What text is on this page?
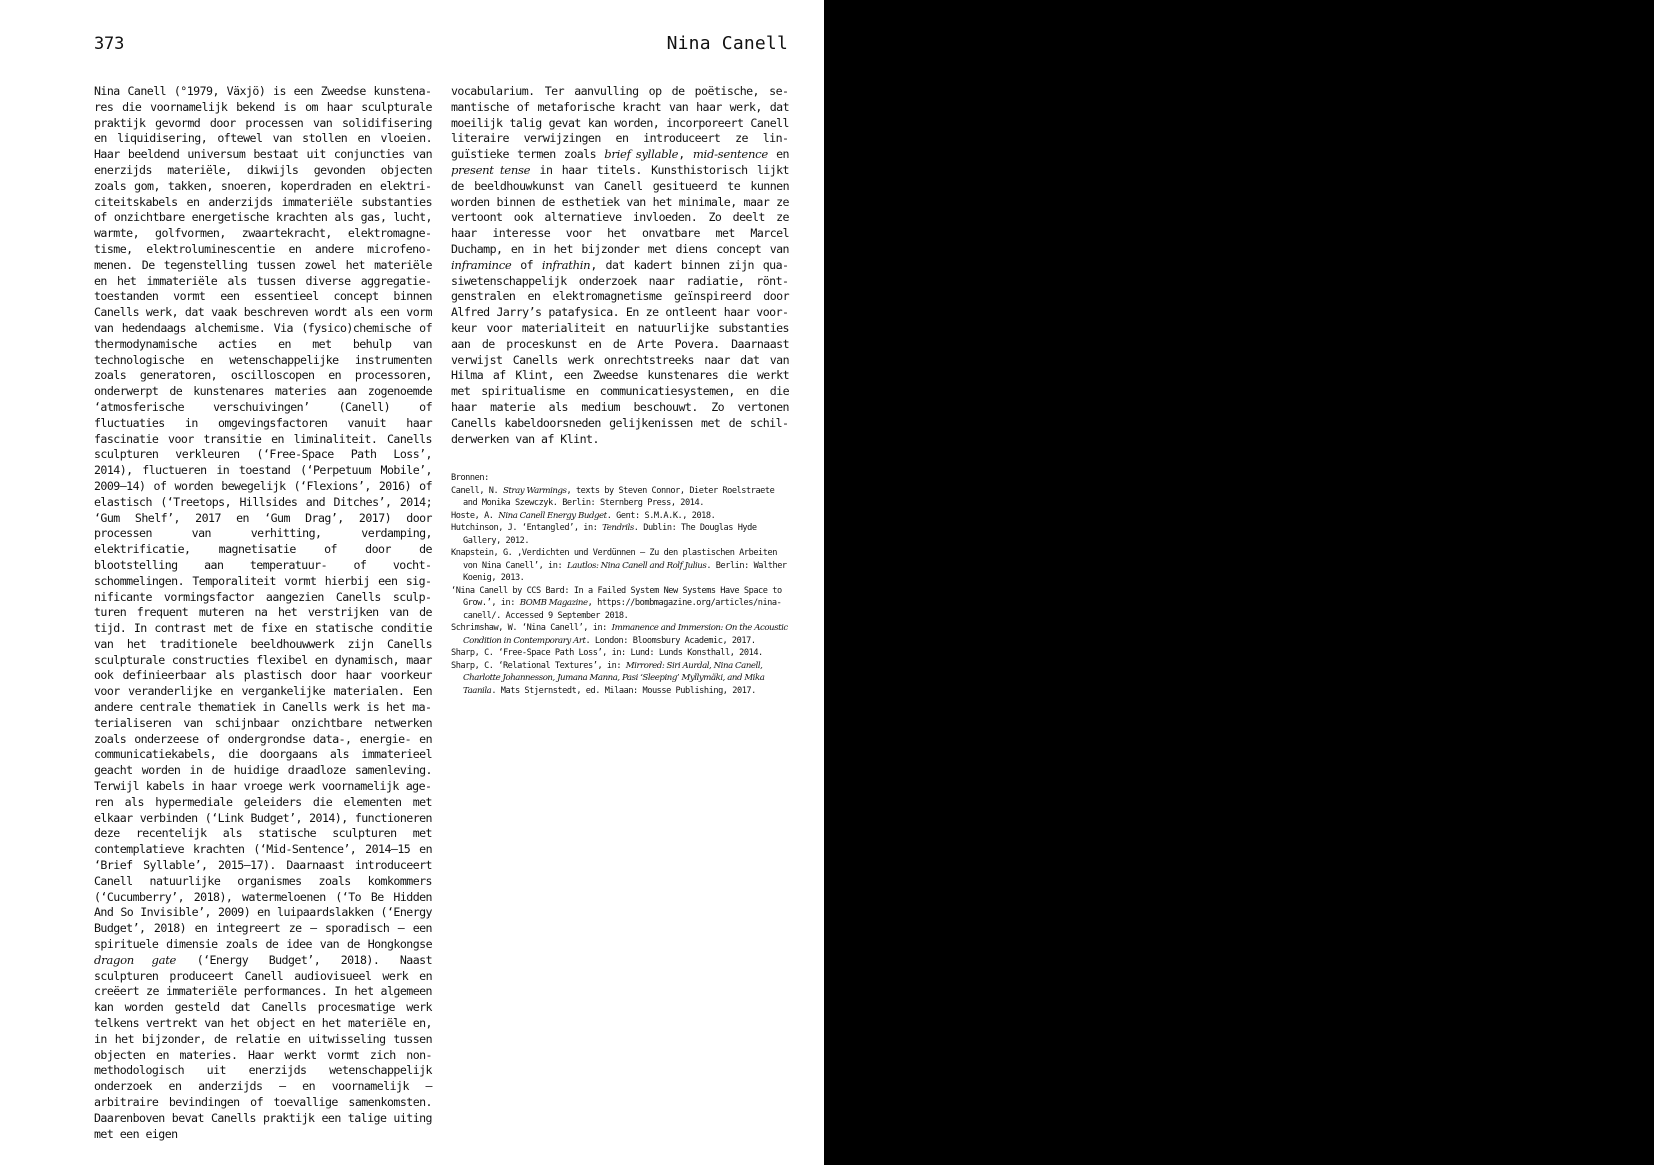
373	Nina Canell

Nina Canell (°1979, Växjö) is een Zweedse kunstenares die voornamelijk bekend is om haar sculpturale praktijk gevormd door processen van solidifisering en liquidisering, oftewel van stollen en vloeien. Haar beeldend universum bestaat uit conjuncties van enerzijds materiële, dikwijls gevonden objecten zoals gom, takken, snoeren, koperdraden en elektriciteitskabels en anderzijds immateriële substanties of onzichtbare energetische krachten als gas, lucht, warmte, golfvormen, zwaartekracht, elektromagnetisme, elektroluminescentie en andere microfenomenen. De tegenstelling tussen zowel het materiële en het immateriële als tussen diverse aggregatietoestanden vormt een essentieel concept binnen Canells werk, dat vaak beschreven wordt als een vorm van hedendaags alchemisme. Via (fysico)chemische of thermodynamische acties en met behulp van technologische en wetenschappelijke instrumenten zoals generatoren, oscilloscopen en processoren, onderwerpt de kunstenares materies aan zogenoemde ‘atmosferische verschuivingen’ (Canell) of fluctuaties in omgevingsfactoren vanuit haar fascinatie voor transitie en liminaliteit. Canells sculpturen verkleuren (‘Free-Space Path Loss’, 2014), fluctueren in toestand (‘Perpetuum Mobile’, 2009–14) of worden bewegelijk (‘Flexions’, 2016) of elastisch (‘Treetops, Hillsides and Ditches’, 2014; ‘Gum Shelf’, 2017 en ‘Gum Drag’, 2017) door processen van verhitting, verdamping, elektrificatie, magnetisatie of door de blootstelling aan temperatuur- of vochtschommelingen. Temporaliteit vormt hierbij een significante vormingsfactor aangezien Canells sculpturen frequent muteren na het verstrijken van de tijd. In contrast met de fixe en statische conditie van het traditionele beeldhouwwerk zijn Canells sculpturale constructies flexibel en dynamisch, maar ook definieerbaar als plastisch door haar voorkeur voor veranderlijke en vergankelijke materialen. Een andere centrale thematiek in Canells werk is het materialiseren van schijnbaar onzichtbare netwerken zoals onderzeese of ondergrondse data-, energie- en communicatiekabels, die doorgaans als immaterieel geacht worden in de huidige draadloze samenleving. Terwijl kabels in haar vroege werk voornamelijk ageren als hypermediale geleiders die elementen met elkaar verbinden (‘Link Budget’, 2014), functioneren deze recentelijk als statische sculpturen met contemplatieve krachten (‘Mid-Sentence’, 2014–15 en ‘Brief Syllable’, 2015–17). Daarnaast introduceert Canell natuurlijke organismes zoals komkommers (‘Cucumberry’, 2018), watermeloenen (‘To Be Hidden And So Invisible’, 2009) en luipaardslakken (‘Energy Budget’, 2018) en integreert ze – sporadisch – een spirituele dimensie zoals de idee van de Hongkongse dragon gate (‘Energy Budget’, 2018). Naast sculpturen produceert Canell audiovisueel werk en creëert ze immateriële performances. In het algemeen kan worden gesteld dat Canells procesmatige werk telkens vertrekt van het object en het materiële en, in het bijzonder, de relatie en uitwisseling tussen objecten en materies. Haar werkt vormt zich non-methodologisch uit enerzijds wetenschappelijk onderzoek en anderzijds – en voornamelijk – arbitraire bevindingen of toevallige samenkomsten. Daarenboven bevat Canells praktijk een talige uiting met een eigen

vocabularium. Ter aanvulling op de poëtische, semantische of metaforische kracht van haar werk, dat moeilijk talig gevat kan worden, incorporeert Canell literaire verwijzingen en introduceert ze linguïstieke termen zoals brief syllable, mid-sentence en present tense in haar titels. Kunsthistorisch lijkt de beeldhouwkunst van Canell gesitueerd te kunnen worden binnen de esthetiek van het minimale, maar ze vertoont ook alternatieve invloeden. Zo deelt ze haar interesse voor het onvatbare met Marcel Duchamp, en in het bijzonder met diens concept van inframince of infrathin, dat kadert binnen zijn quasiwetenschappelijk onderzoek naar radiatie, röntgenstralen en elektromagnetisme geïnspireerd door Alfred Jarry’s patafysica. En ze ontleent haar voorkeur voor materialiteit en natuurlijke substanties aan de proceskunst en de Arte Povera. Daarnaast verwijst Canells werk onrechtstreeks naar dat van Hilma af Klint, een Zweedse kunstenares die werkt met spiritualisme en communicatiesystemen, en die haar materie als medium beschouwt. Zo vertonen Canells kabeldoorsneden gelijkenissen met de schilderwerken van af Klint.

Bronnen:

Canell, N. Stray Warmings, texts by Steven Connor, Dieter Roelstraete and Monika Szewczyk. Berlin: Sternberg Press, 2014.

Hoste, A. Nina Canell Energy Budget. Gent: S.M.A.K., 2018.

Hutchinson, J. ‘Entangled’, in: Tendrils. Dublin: The Douglas Hyde Gallery, 2012.

Knapstein, G. ‚Verdichten und Verdünnen – Zu den plastischen Arbeiten von Nina Canell’, in: Lautlos: Nina Canell and Rolf Julius. Berlin: Walther Koenig, 2013.

‘Nina Canell by CCS Bard: In a Failed System New Systems Have Space to Grow.’, in: BOMB Magazine, https://bombmagazine.org/articles/nina-canell/. Accessed 9 September 2018.

Schrimshaw, W. ‘Nina Canell’, in: Immanence and Immersion: On the Acoustic Condition in Contemporary Art. London: Bloomsbury Academic, 2017.

Sharp, C. ‘Free-Space Path Loss’, in: Lund: Lunds Konsthall, 2014.

Sharp, C. ‘Relational Textures’, in: Mirrored: Siri Aurdal, Nina Canell, Charlotte Johannesson, Jumana Manna, Pasi ‘Sleeping’ Myllymäki, and Mika Taanila. Mats Stjernstedt, ed. Milaan: Mousse Publishing, 2017.
